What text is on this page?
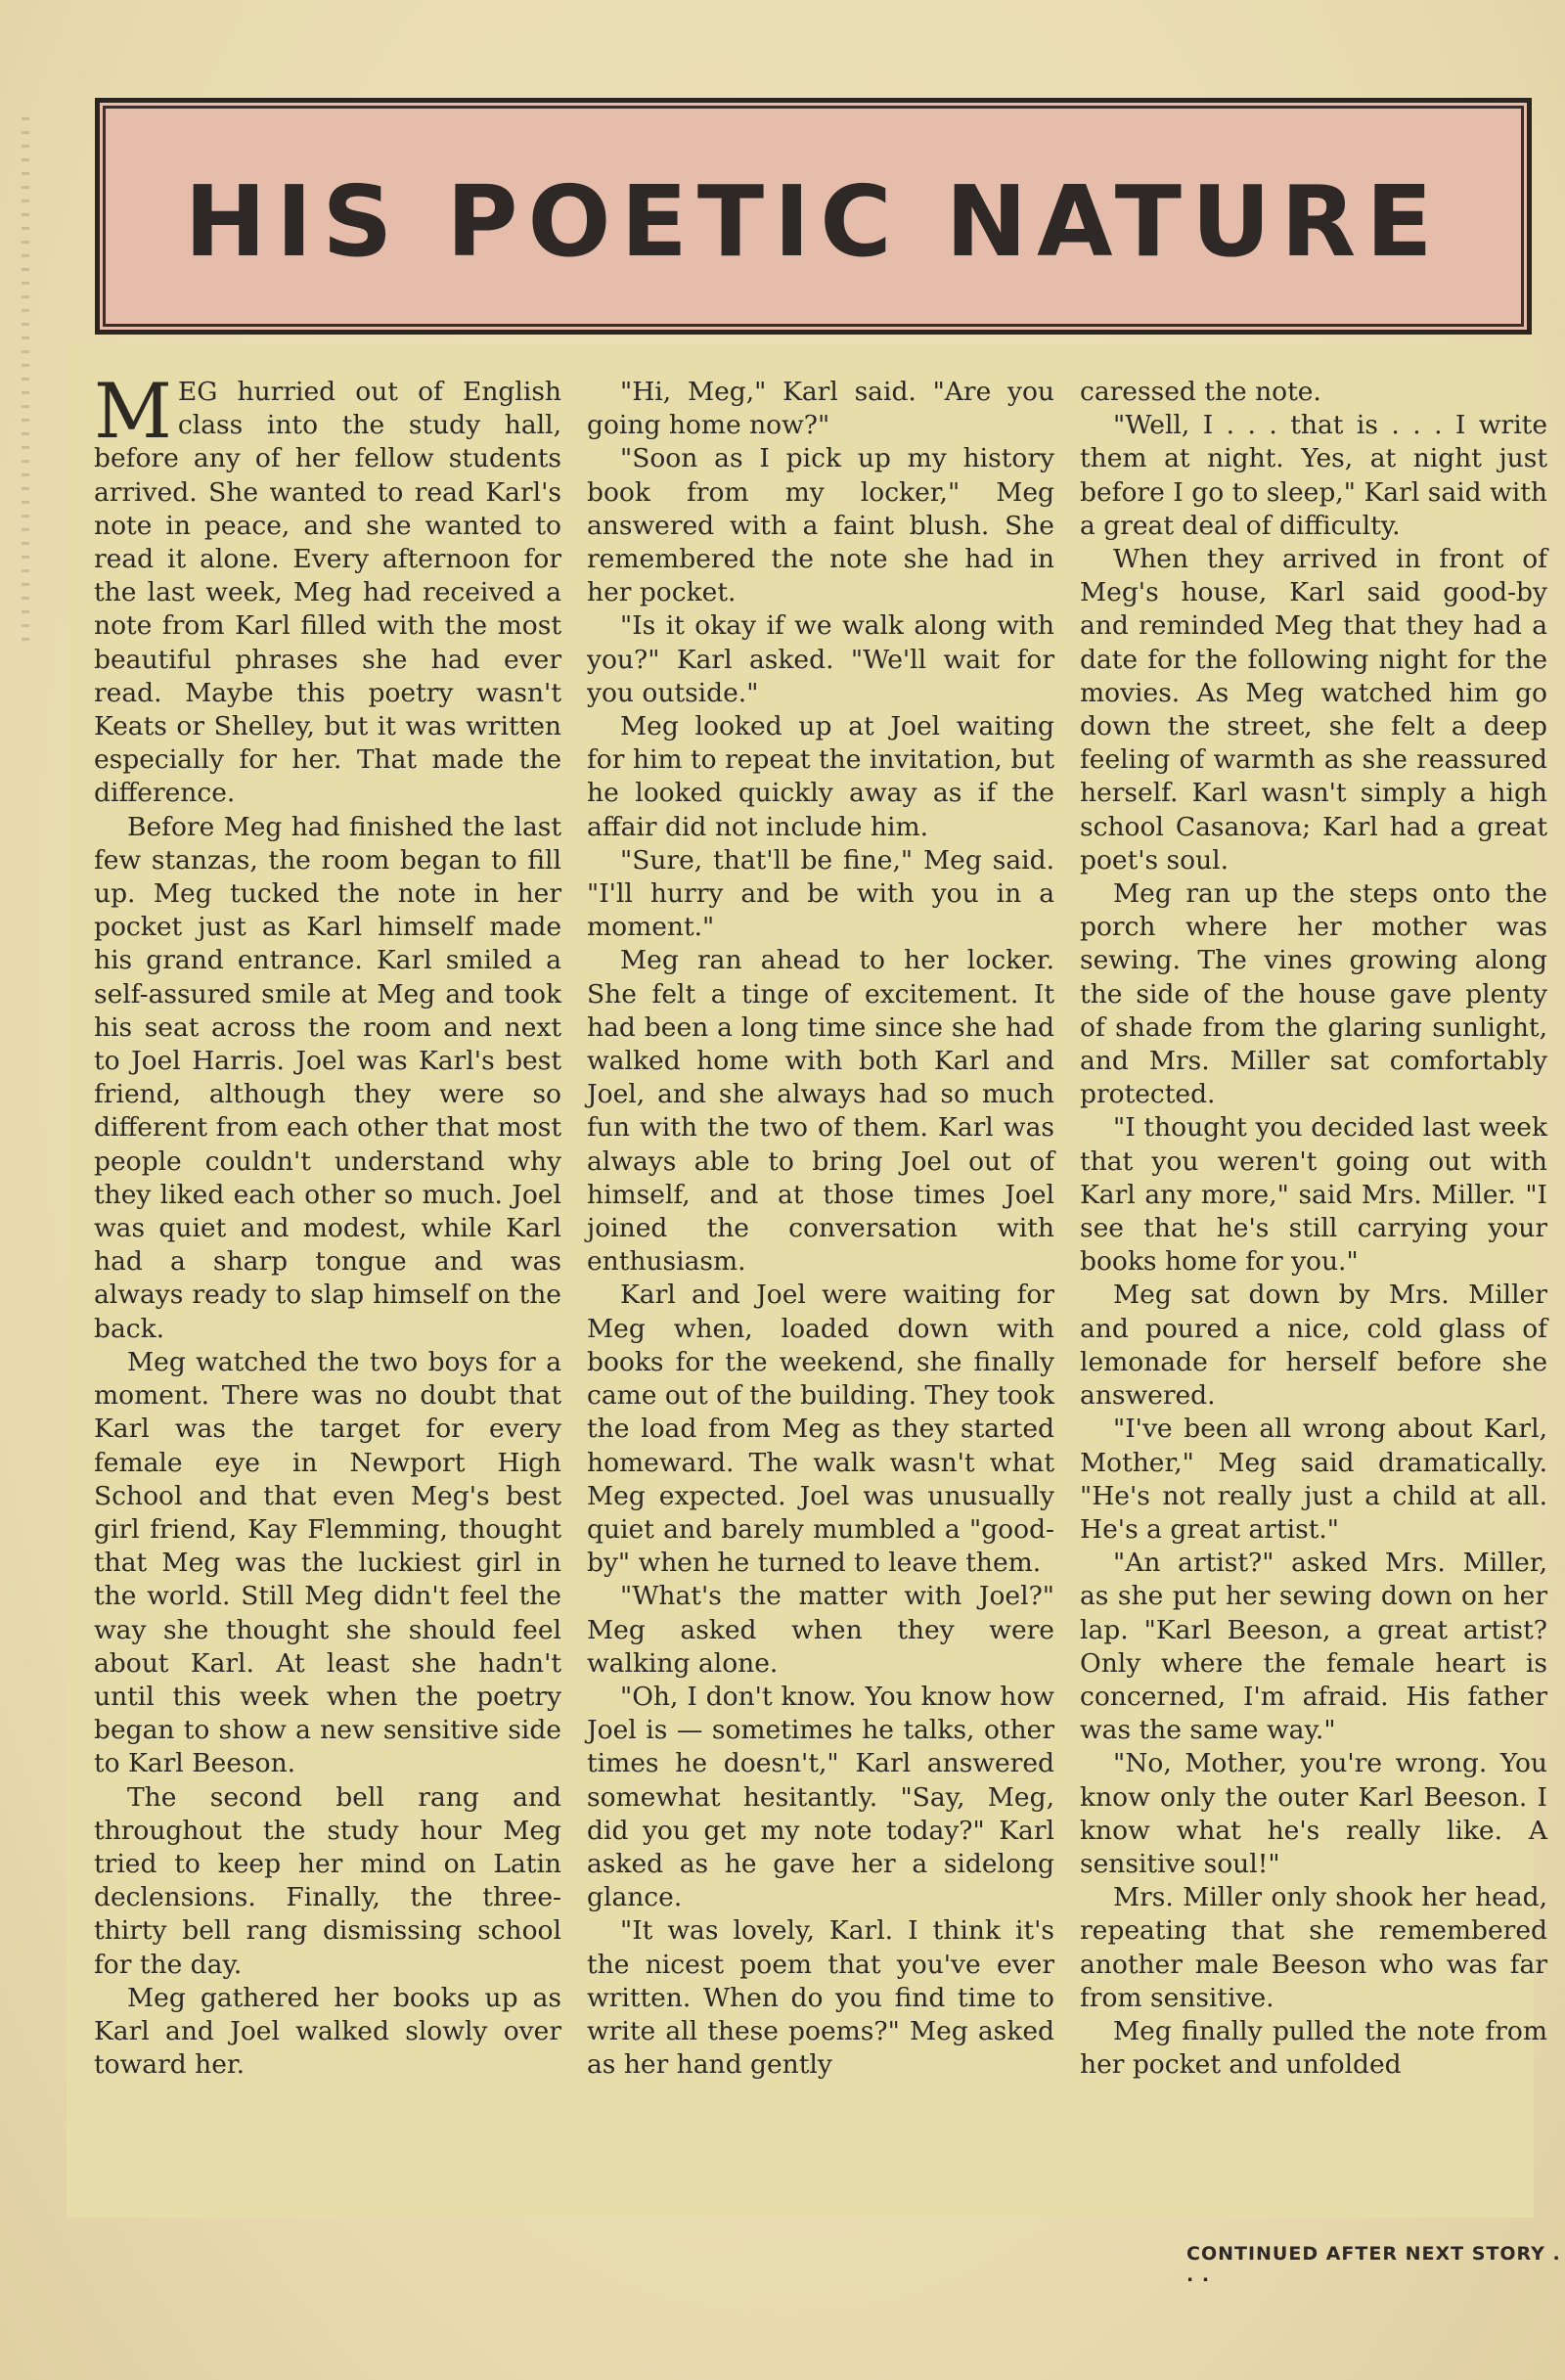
HIS POETIC NATURE

MEG hurried out of English class into the study hall, before any of her fellow students arrived. She wanted to read Karl's note in peace, and she wanted to read it alone. Every afternoon for the last week, Meg had received a note from Karl filled with the most beautiful phrases she had ever read. Maybe this poetry wasn't Keats or Shelley, but it was written especially for her. That made the difference.

Before Meg had finished the last few stanzas, the room began to fill up. Meg tucked the note in her pocket just as Karl himself made his grand entrance. Karl smiled a self-assured smile at Meg and took his seat across the room and next to Joel Harris. Joel was Karl's best friend, although they were so different from each other that most people couldn't understand why they liked each other so much. Joel was quiet and modest, while Karl had a sharp tongue and was always ready to slap himself on the back.

Meg watched the two boys for a moment. There was no doubt that Karl was the target for every female eye in Newport High School and that even Meg's best girl friend, Kay Flemming, thought that Meg was the luckiest girl in the world. Still Meg didn't feel the way she thought she should feel about Karl. At least she hadn't until this week when the poetry began to show a new sensitive side to Karl Beeson.

The second bell rang and throughout the study hour Meg tried to keep her mind on Latin declensions. Finally, the three-thirty bell rang dismissing school for the day.

Meg gathered her books up as Karl and Joel walked slowly over toward her.

"Hi, Meg," Karl said. "Are you going home now?"

"Soon as I pick up my history book from my locker," Meg answered with a faint blush. She remembered the note she had in her pocket.

"Is it okay if we walk along with you?" Karl asked. "We'll wait for you outside."

Meg looked up at Joel waiting for him to repeat the invitation, but he looked quickly away as if the affair did not include him.

"Sure, that'll be fine," Meg said. "I'll hurry and be with you in a moment."

Meg ran ahead to her locker. She felt a tinge of excitement. It had been a long time since she had walked home with both Karl and Joel, and she always had so much fun with the two of them. Karl was always able to bring Joel out of himself, and at those times Joel joined the conversation with enthusiasm.

Karl and Joel were waiting for Meg when, loaded down with books for the weekend, she finally came out of the building. They took the load from Meg as they started homeward. The walk wasn't what Meg expected. Joel was unusually quiet and barely mumbled a "good-by" when he turned to leave them.

"What's the matter with Joel?" Meg asked when they were walking alone.

"Oh, I don't know. You know how Joel is — sometimes he talks, other times he doesn't," Karl answered somewhat hesitantly. "Say, Meg, did you get my note today?" Karl asked as he gave her a sidelong glance.

"It was lovely, Karl. I think it's the nicest poem that you've ever written. When do you find time to write all these poems?" Meg asked as her hand gently

caressed the note.

"Well, I . . . that is . . . I write them at night. Yes, at night just before I go to sleep," Karl said with a great deal of difficulty.

When they arrived in front of Meg's house, Karl said good-by and reminded Meg that they had a date for the following night for the movies. As Meg watched him go down the street, she felt a deep feeling of warmth as she reassured herself. Karl wasn't simply a high school Casanova; Karl had a great poet's soul.

Meg ran up the steps onto the porch where her mother was sewing. The vines growing along the side of the house gave plenty of shade from the glaring sunlight, and Mrs. Miller sat comfortably protected.

"I thought you decided last week that you weren't going out with Karl any more," said Mrs. Miller. "I see that he's still carrying your books home for you."

Meg sat down by Mrs. Miller and poured a nice, cold glass of lemonade for herself before she answered.

"I've been all wrong about Karl, Mother," Meg said dramatically. "He's not really just a child at all. He's a great artist."

"An artist?" asked Mrs. Miller, as she put her sewing down on her lap. "Karl Beeson, a great artist? Only where the female heart is concerned, I'm afraid. His father was the same way."

"No, Mother, you're wrong. You know only the outer Karl Beeson. I know what he's really like. A sensitive soul!"

Mrs. Miller only shook her head, repeating that she remembered another male Beeson who was far from sensitive.

Meg finally pulled the note from her pocket and unfolded

CONTINUED AFTER NEXT STORY . . .
